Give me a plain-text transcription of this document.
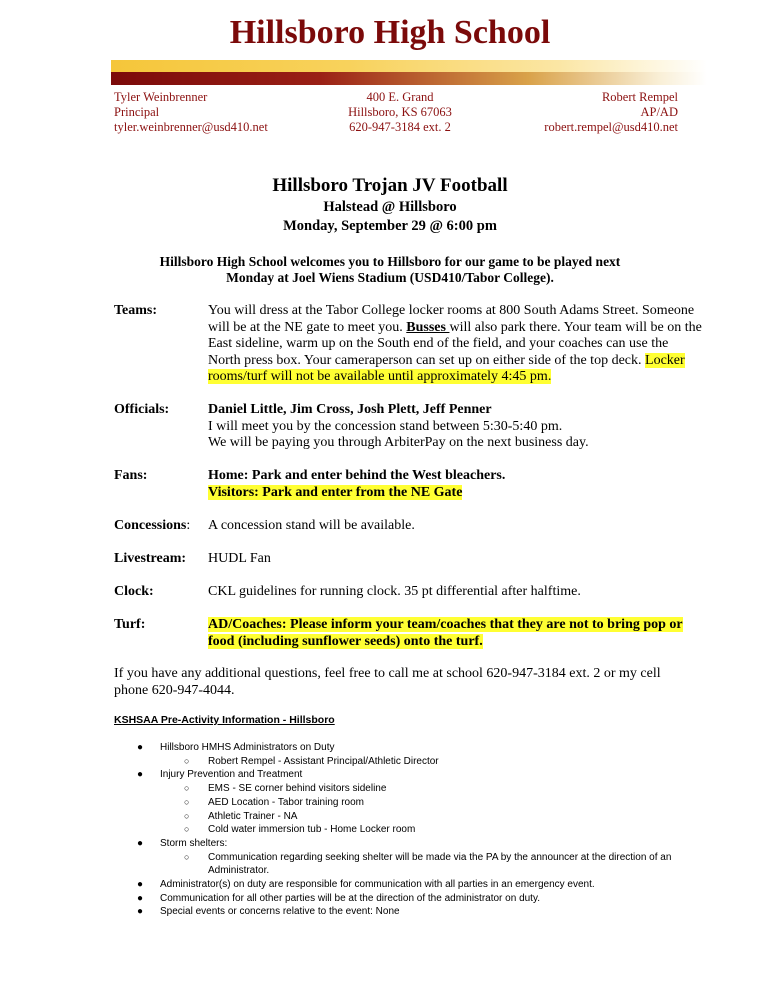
Hillsboro High School
Tyler Weinbrenner
Principal
tyler.weinbrenner@usd410.net
400 E. Grand
Hillsboro, KS 67063
620-947-3184 ext. 2
Robert Rempel
AP/AD
robert.rempel@usd410.net
Hillsboro Trojan JV Football
Halstead @ Hillsboro
Monday, September 29 @ 6:00 pm
Hillsboro High School welcomes you to Hillsboro for our game to be played next
Monday at Joel Wiens Stadium (USD410/Tabor College).
Teams:	You will dress at the Tabor College locker rooms at 800 South Adams Street. Someone will be at the NE gate to meet you. Busses will also park there. Your team will be on the East sideline, warm up on the South end of the field, and your coaches can use the North press box. Your cameraperson can set up on either side of the top deck. Locker rooms/turf will not be available until approximately 4:45 pm.
Officials:	Daniel Little, Jim Cross, Josh Plett, Jeff Penner
I will meet you by the concession stand between 5:30-5:40 pm.
We will be paying you through ArbiterPay on the next business day.
Fans:	Home: Park and enter behind the West bleachers.
Visitors: Park and enter from the NE Gate
Concessions: A concession stand will be available.
Livestream: HUDL Fan
Clock:	CKL guidelines for running clock. 35 pt differential after halftime.
Turf:	AD/Coaches: Please inform your team/coaches that they are not to bring pop or food (including sunflower seeds) onto the turf.
If you have any additional questions, feel free to call me at school 620-947-3184 ext. 2 or my cell phone 620-947-4044.
KSHSAA Pre-Activity Information - Hillsboro
● Hillsboro HMHS Administrators on Duty
○ Robert Rempel - Assistant Principal/Athletic Director
● Injury Prevention and Treatment
○ EMS - SE corner behind visitors sideline
○ AED Location - Tabor training room
○ Athletic Trainer - NA
○ Cold water immersion tub - Home Locker room
● Storm shelters:
○ Communication regarding seeking shelter will be made via the PA by the announcer at the direction of an
Administrator.
● Administrator(s) on duty are responsible for communication with all parties in an emergency event.
● Communication for all other parties will be at the direction of the administrator on duty.
● Special events or concerns relative to the event: None
